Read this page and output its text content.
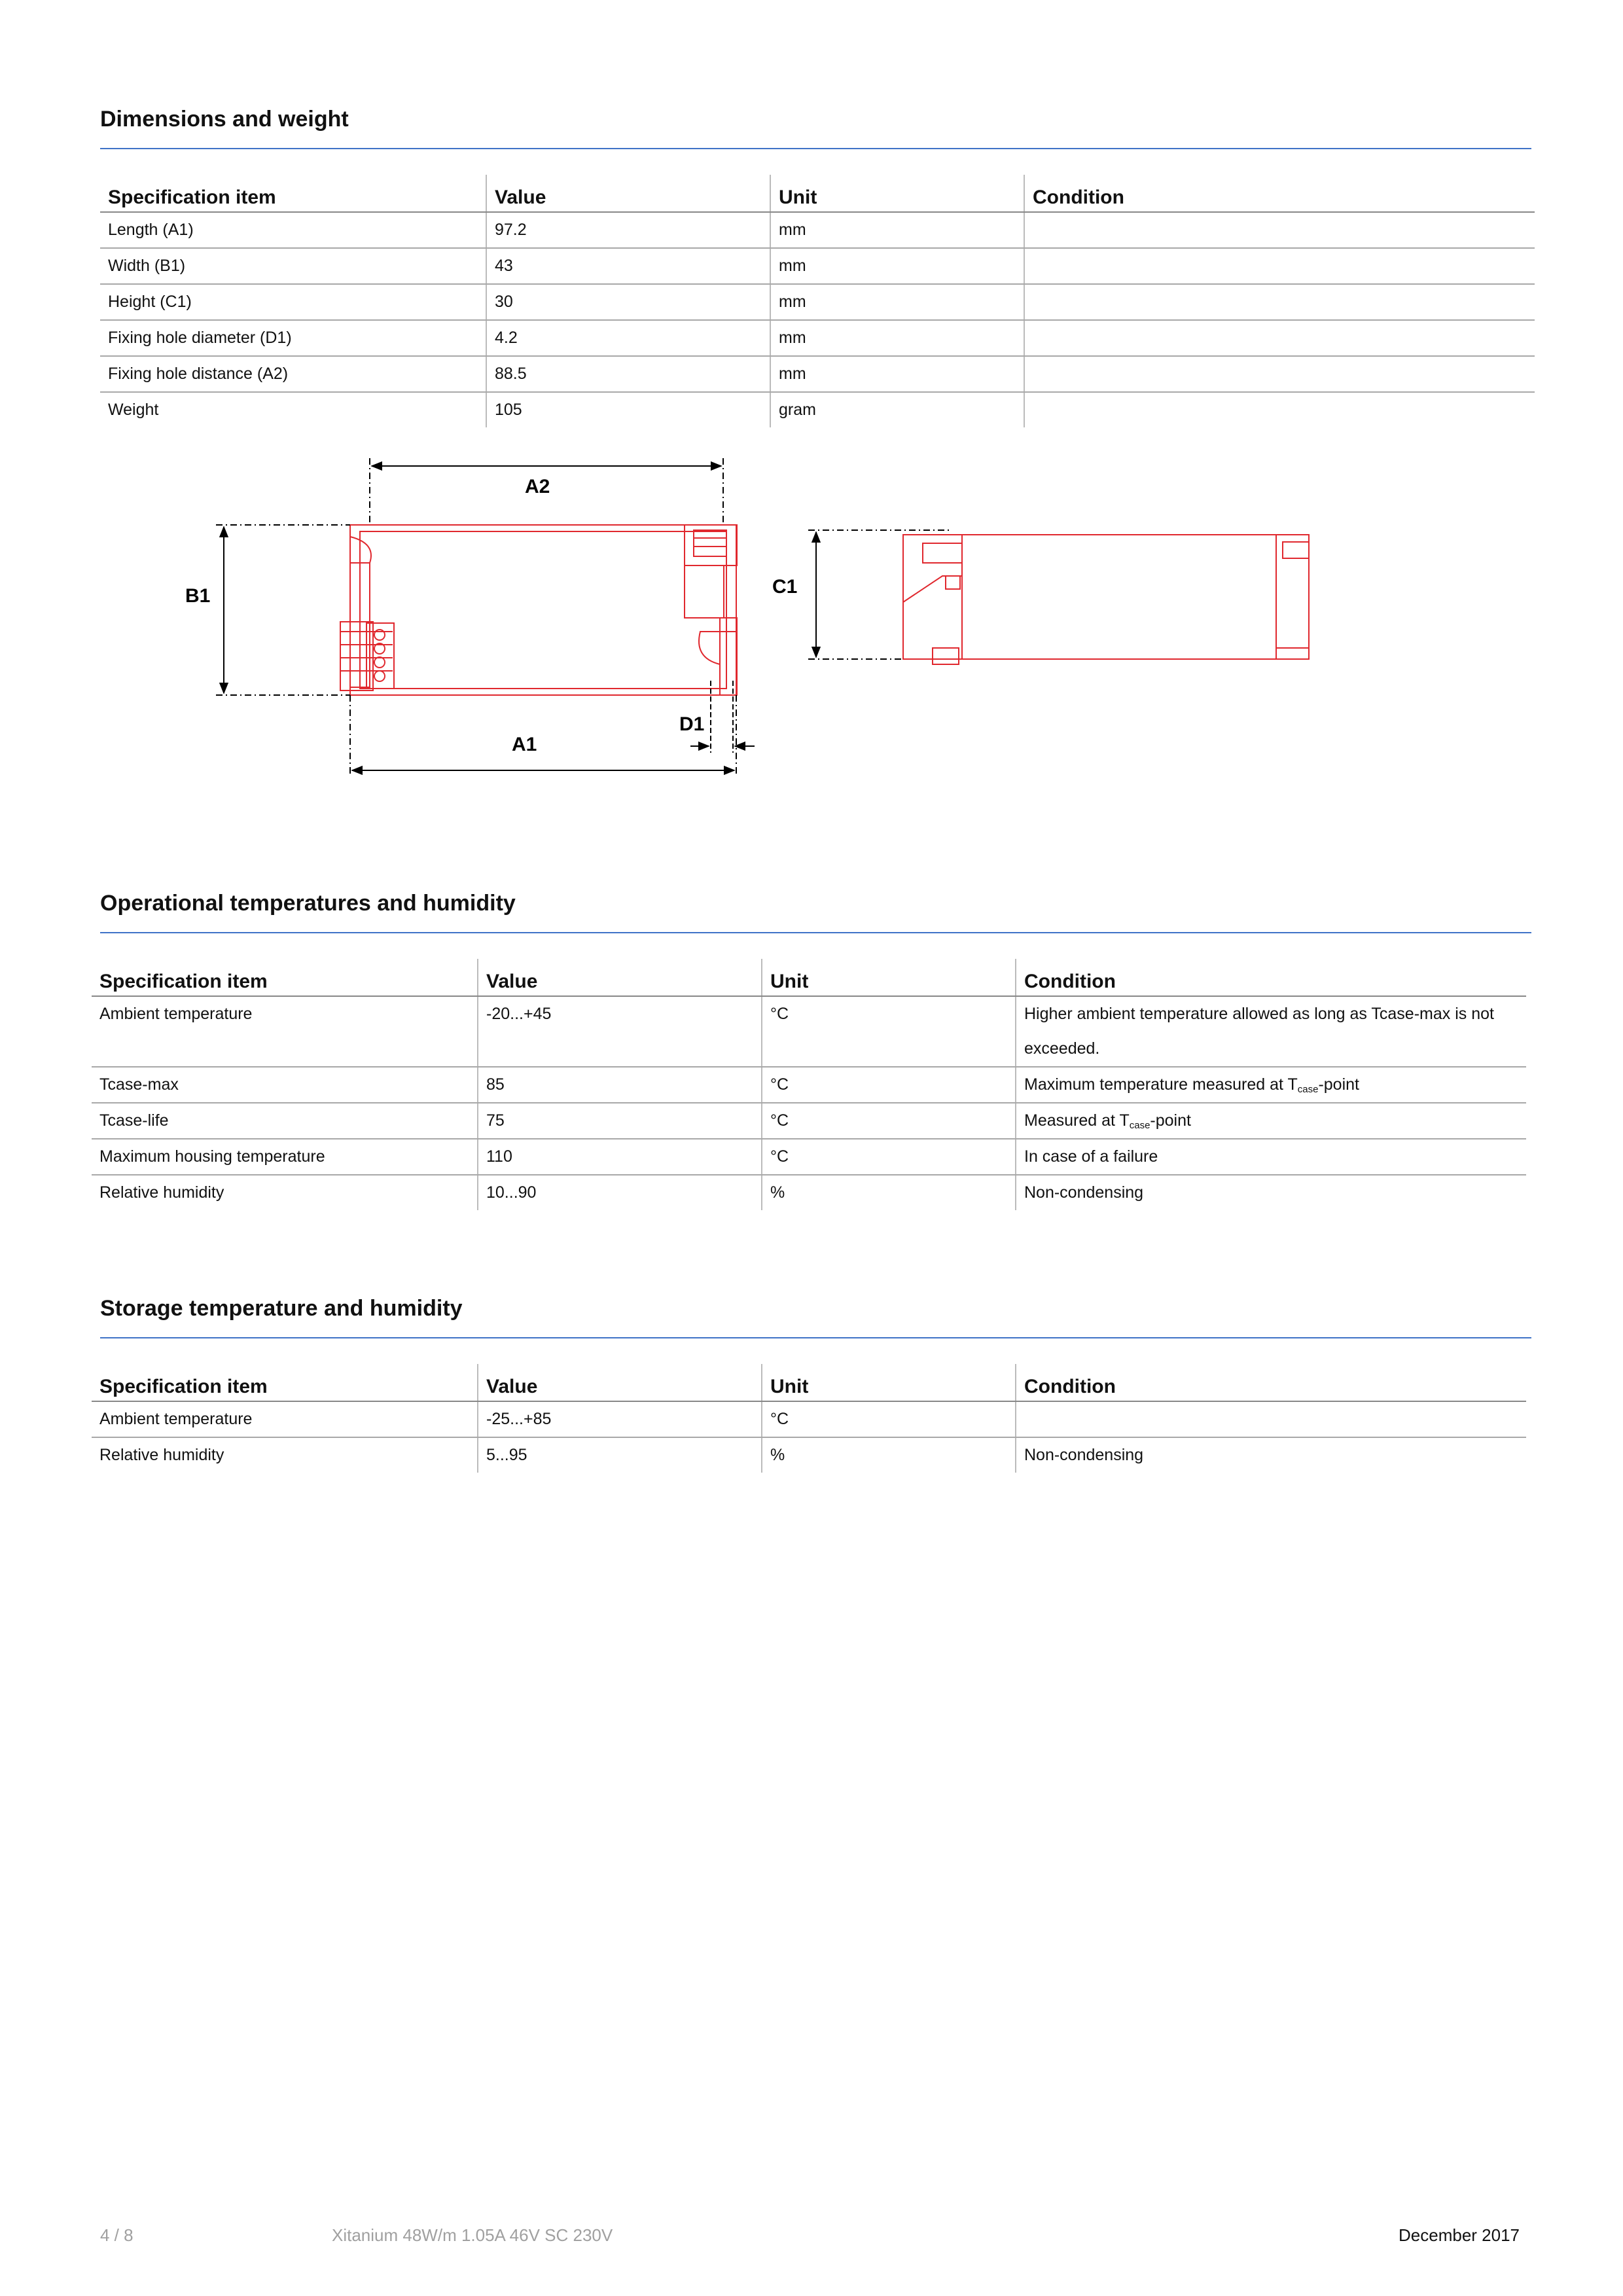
Dimensions and weight
Specification item	Value	Unit	Condition
Length (A1)	97.2	mm	
Width (B1)	43	mm	
Height (C1)	30	mm	
Fixing hole diameter (D1)	4.2	mm	
Fixing hole distance (A2)	88.5	mm	
Weight	105	gram	
A2
B1
A1
D1
C1
Operational temperatures and humidity
Specification item	Value	Unit	Condition
Ambient temperature	-20...+45	°C	Higher ambient temperature allowed as long as Tcase-max is not exceeded.
Tcase-max	85	°C	Maximum temperature measured at $T_{case}$-point
Tcase-life	75	°C	Measured at $T_{case}$-point
Maximum housing temperature	110	°C	In case of a failure
Relative humidity	10...90	%	Non-condensing
Storage temperature and humidity
Specification item	Value	Unit	Condition
Ambient temperature	-25...+85	°C	
Relative humidity	5...95	%	Non-condensing
4 / 8	Xitanium 48W/m 1.05A 46V SC 230V	December 2017
